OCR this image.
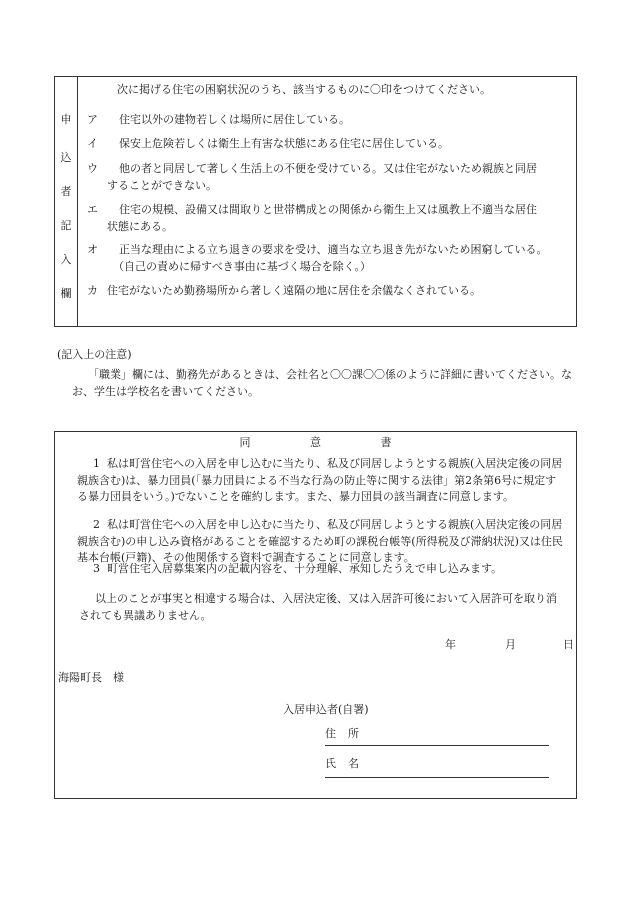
申
込
者
記
入
欄

次に掲げる住宅の困窮状況のうち、該当するものに〇印をつけてください。

ア	住宅以外の建物若しくは場所に居住している。
イ	保安上危険若しくは衛生上有害な状態にある住宅に居住している。
ウ	他の者と同居して著しく生活上の不便を受けている。又は住宅がないため親族と同居
することができない。
エ	住宅の規模、設備又は間取りと世帯構成との関係から衛生上又は風教上不適当な居住
状態にある。
オ	正当な理由による立ち退きの要求を受け、適当な立ち退き先がないため困窮している。
（自己の責めに帰すべき事由に基づく場合を除く。）
カ 住宅がないため勤務場所から著しく遠隔の地に居住を余儀なくされている。

(記入上の注意)

「職業」欄には、勤務先があるときは、会社名と〇〇課〇〇係のように詳細に書いてください。なお、学生は学校名を書いてください。

同 意 書

1 私は町営住宅への入居を申し込むに当たり、私及び同居しようとする親族(入居決定後の同居親族含む)は、暴力団員(「暴力団員による不当な行為の防止等に関する法律」第2条第6号に規定する暴力団員をいう。)でないことを確約します。また、暴力団員の該当調査に同意します。
2 私は町営住宅への入居を申し込むに当たり、私及び同居しようとする親族(入居決定後の同居親族含む)の申し込み資格があることを確認するため町の課税台帳等(所得税及び滞納状況)又は住民基本台帳(戸籍)、その他関係する資料で調査することに同意します。
3 町営住宅入居募集案内の記載内容を、十分理解、承知したうえで申し込みます。

以上のことが事実と相違する場合は、入居決定後、又は入居許可後において入居許可を取り消されても異議ありません。

年	月	日

海陽町長　様

入居申込者(自署)

住所

氏名
